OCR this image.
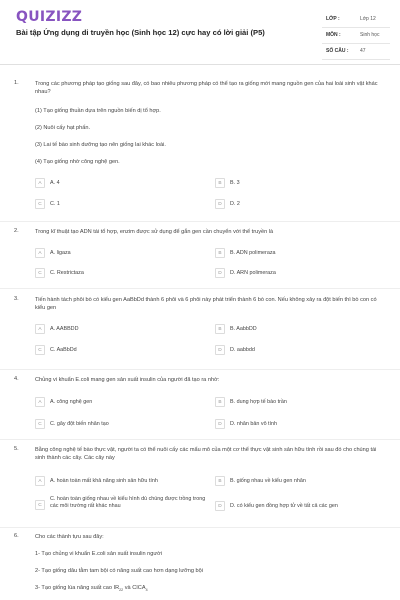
QUIZIZZ
Bài tập Ứng dụng di truyền học (Sinh học 12) cực hay có lời giải (P5)
LỚP :	Lớp 12
MÔN :	Sinh học
SỐ CÂU : 47
1.	Trong các phương pháp tạo giống sau đây, có bao nhiêu phương pháp có thể tạo ra giống mới mang nguồn gen của hai loài sinh vật khác nhau?
(1) Tạo giống thuần dựa trên nguồn biến dị tổ hợp.
(2) Nuôi cấy hạt phấn.
(3) Lai tế bào sinh dưỡng tạo nên giống lai khác loài.
(4) Tạo giống nhờ công nghệ gen.
A	A. 4	B	B. 3
C	C. 1	D	D. 2
2.	Trong kĩ thuật tạo ADN tái tổ hợp, enzim được sử dụng để gắn gen cần chuyển với thể truyền là
A	A. ligaza	B	B. ADN polimeraza
C	C. Restrictaza	D	D. ARN polimeraza
3.	Tiến hành tách phôi bò có kiểu gen AaBbDd thành 6 phôi và 6 phôi này phát triển thành 6 bò con. Nếu không xảy ra đột biến thì bò con có kiểu gen
A	A. AABBDD	B	B. AabbDD
C	C. AaBbDd	D	D. aabbdd
4.	Chủng vi khuẩn E.coli mang gen sản xuất insulin của người đã tạo ra nhờ:
A	A. công nghệ gen	B	B. dung hợp tế bào trần
C	C. gây đột biến nhân tạo	D	D. nhân bản vô tính
5.	Bằng công nghệ tế bào thực vật, người ta có thể nuôi cấy các mẩu mô của một cơ thể thực vật sinh sản hữu tính rồi sau đó cho chúng tái sinh thành các cây. Các cây này
A	A. hoàn toàn mất khả năng sinh sản hữu tính	B	B. giống nhau về kiểu gen nhân
C
C. hoàn toàn giống nhau về kiểu hình dù chúng được trồng trong các môi trường rất khác nhau	D	D. có kiểu gen đồng hợp tử về tất cả các gen
6.	Cho các thành tựu sau đây:
1- Tạo chủng vi khuẩn E.coli sản xuất insulin người
2- Tạo giống dâu tằm tam bội có năng suất cao hơn dạng lưỡng bội
3- Tạo giống lúa năng suất cao $IR_{22}$ và $CICA_4$
